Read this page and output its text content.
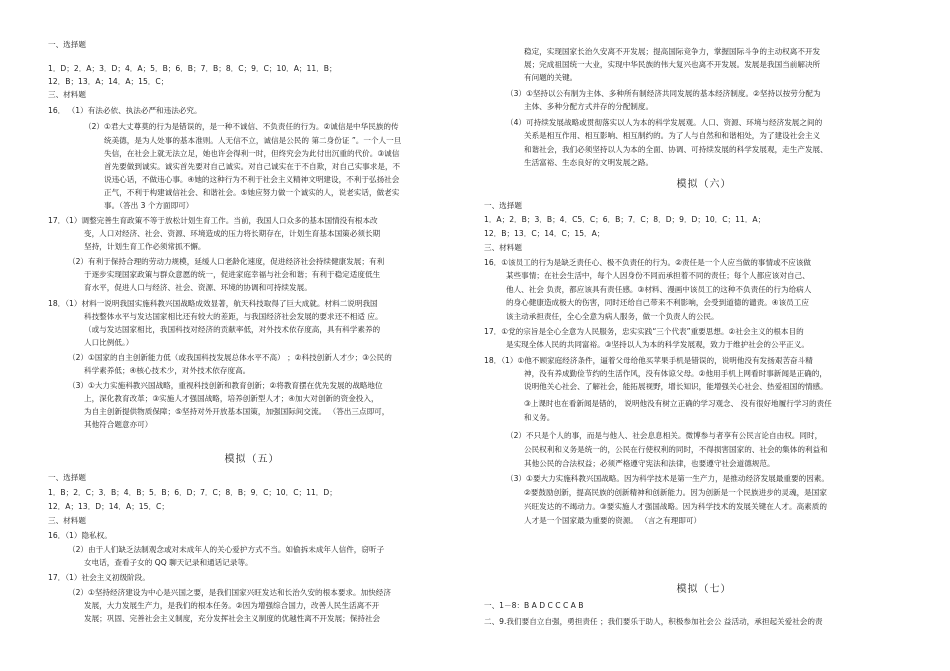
一、选择题
1．D；2．A；3．D；4．A；5．B；6．B；7．B；8．C；9．C；10．A；11．B；
12．B；13．A；14．A；15．C；
三、材料题
16． （1）有法必依、执法必严和违法必究。
（2）①君大丈尊莫的行为是错误的，是一种不诚信、不负责任的行为。②诚信是中华民族的传
统美德，是为人处事的基本准则。人无信不立，诚信是公民的 第二身份证 ”。一个人一旦
失信，在社会上就无法立足，她也许会得利一时，但终究会为此付出沉重的代价。③诚信
首先要做到诚实。诚实首先要对自己诚实。对自己诚实在于不自欺，对自己实事求是，不
说违心话，不做违心事。④她的这种行为不利于社会主义精神文明建设，不利于弘扬社会
正气，不利于构建诚信社会、和谐社会。⑤她应努力做一个诚实的人，说老实话，做老实
事。（答出 3 个方面即可）
17．（1）调整完善生育政策不等于放松计划生育工作。当前，我国人口众多的基本国情没有根本改
变，人口对经济、社会、资源、环境造成的压力将长期存在，计划生育基本国策必须长期
坚持，计划生育工作必须常抓不懈。
（2）有利于保持合理的劳动力规模，延缓人口老龄化速度，促进经济社会持续健康发展；有利
于逐步实现国家政策与群众意愿的统一，促进家庭幸福与社会和谐；有利于稳定适度低生
育水平，促进人口与经济、社会、资源、环境的协调和可持续发展。
18．（1）材料一说明我国实施科教兴国战略成效显著，航天科技取得了巨大成就。材料二说明我国
科技整体水平与发达国家相比还有较大的差距，与我国经济社会发展的要求还不相适 应。
（或与发达国家相比，我国科技对经济的贡献率低，对外技术依存度高，具有科学素养的
人口比例低。）
（2）①国家的自主创新能力低（或我国科技发展总体水平不高） ；②科技创新人才少；③公民的
科学素养低；④核心技术少，对外技术依存度高。
（3）①大力实施科教兴国战略，重视科技创新和教育创新；②将教育摆在优先发展的战略地位
上，深化教育改革；③实施人才强国战略，培养创新型人才；④加大对创新的资金投入，
为自主创新提供物质保障；⑤坚持对外开放基本国策，加强国际间交流。 （答出三点即可，
其他符合题意亦可）
一、选择题
1．B；2．C；3．B；4．B；5．B；6．D；7．C；8．B；9．C；10．C；11．D；
12．A；13．D；14．A；15．C；
三、材料题
16．（1）隐私权。
（2）由于人们缺乏法制观念或对未成年人的关心爱护方式不当。如偷拆未成年人信件，窃听子
女电话，查看子女的 QQ 聊天记录和通话记录等。
17．（1）社会主义初级阶段。
（2）①坚持经济建设为中心是兴国之要，是我们国家兴旺发达和长治久安的根本要求。加快经济
发展，大力发展生产力，是我们的根本任务。②因为增强综合国力，改善人民生活离不开
发展；巩固、完善社会主义制度，充分发挥社会主义制度的优越性离不开发展；保持社会
模拟（五）
稳定，实现国家长治久安离不开发展；提高国际竞争力，掌握国际斗争的主动权离不开发
展；完成祖国统一大业，实现中华民族的伟大复兴也离不开发展。发展是我国当前解决所
有问题的关键。
（3）①坚持以公有制为主体、多种所有制经济共同发展的基本经济制度。②坚持以按劳分配为
主体、多种分配方式并存的分配制度。
（4）可持续发展战略或贯彻落实以人为本的科学发展观。人口、资源、环境与经济发展之间的
关系是相互作用、相互影响、相互制约的。为了人与自然和和谐相处，为了建设社会主义
和谐社会，我们必须坚持以人为本的全面、协调、可持续发展的科学发展观，走生产发展、
生活富裕、生态良好的文明发展之路。
一、选择题
1．A；2．B；3．B；4．C5．C；6．B；7．C；8．D；9．D；10．C；11．A；
12．B；13．C；14．C；15．A；
三、材料题
16．①该员工的行为是缺乏责任心、极不负责任的行为。②责任是一个人应当做的事情或不应该做
某些事情；在社会生活中，每个人因身份不同而承担着不同的责任；每个人都应该对自己、
他人、社会 负责，都应该具有责任感。③材料、漫画中该员工的这种不负责任的行为给病人
的身心健康造成极大的伤害，同时还给自己带来不利影响，会受到道德的谴责。④该员工应
该主动承担责任，全心全意为病人服务，做一个负责人的公民。
17．①党的宗旨是全心全意为人民服务，忠实实践“三个代表”重要思想。②社会主义的根本目的
是实现全体人民的共同富裕。③坚持以人为本的科学发展观，致力于维护社会的公平正义。
18．（1）①他不顾家庭经济条件，逼着父母给他买苹果手机是错误的，说明他没有发扬艰苦奋斗精
神，没有养成勤俭节约的生活作风，没有体谅父母。②他用手机上网看时事新闻是正确的，
说明他关心社会、了解社会，能拓展视野，增长知识，能增强关心社会、热爱祖国的情感。
③上课时也在看新闻是错的， 说明他没有树立正确的学习观念、 没有很好地履行学习的责任
和义务。
（2）不只是个人的事，而是与他人、社会息息相关。微博参与者享有公民言论自由权。同时，
公民权利和义务是统一的，公民在行使权利的同时，不得损害国家的、社会的集体的利益和
其他公民的合法权益；必须严格遵守宪法和法律，也要遵守社会道德规范。
（3）①要大力实施科教兴国战略。因为科学技术是第一生产力，是推动经济发展最重要的因素。
②要鼓励创新，提高民族的创新精神和创新能力。因为创新是一个民族进步的灵魂，是国家
兴旺发达的不竭动力。③要实施人才强国战略。因为科学技术的发展关键在人才。高素质的
人才是一个国家最为重要的资源。 （言之有理即可）
一、1－8：B A D C C C A B
二、9.我们要自立自强，勇担责任 ；我们要乐于助人，积极参加社会公 益活动，承担起关爱社会的责
模拟（六）
模拟（七）
